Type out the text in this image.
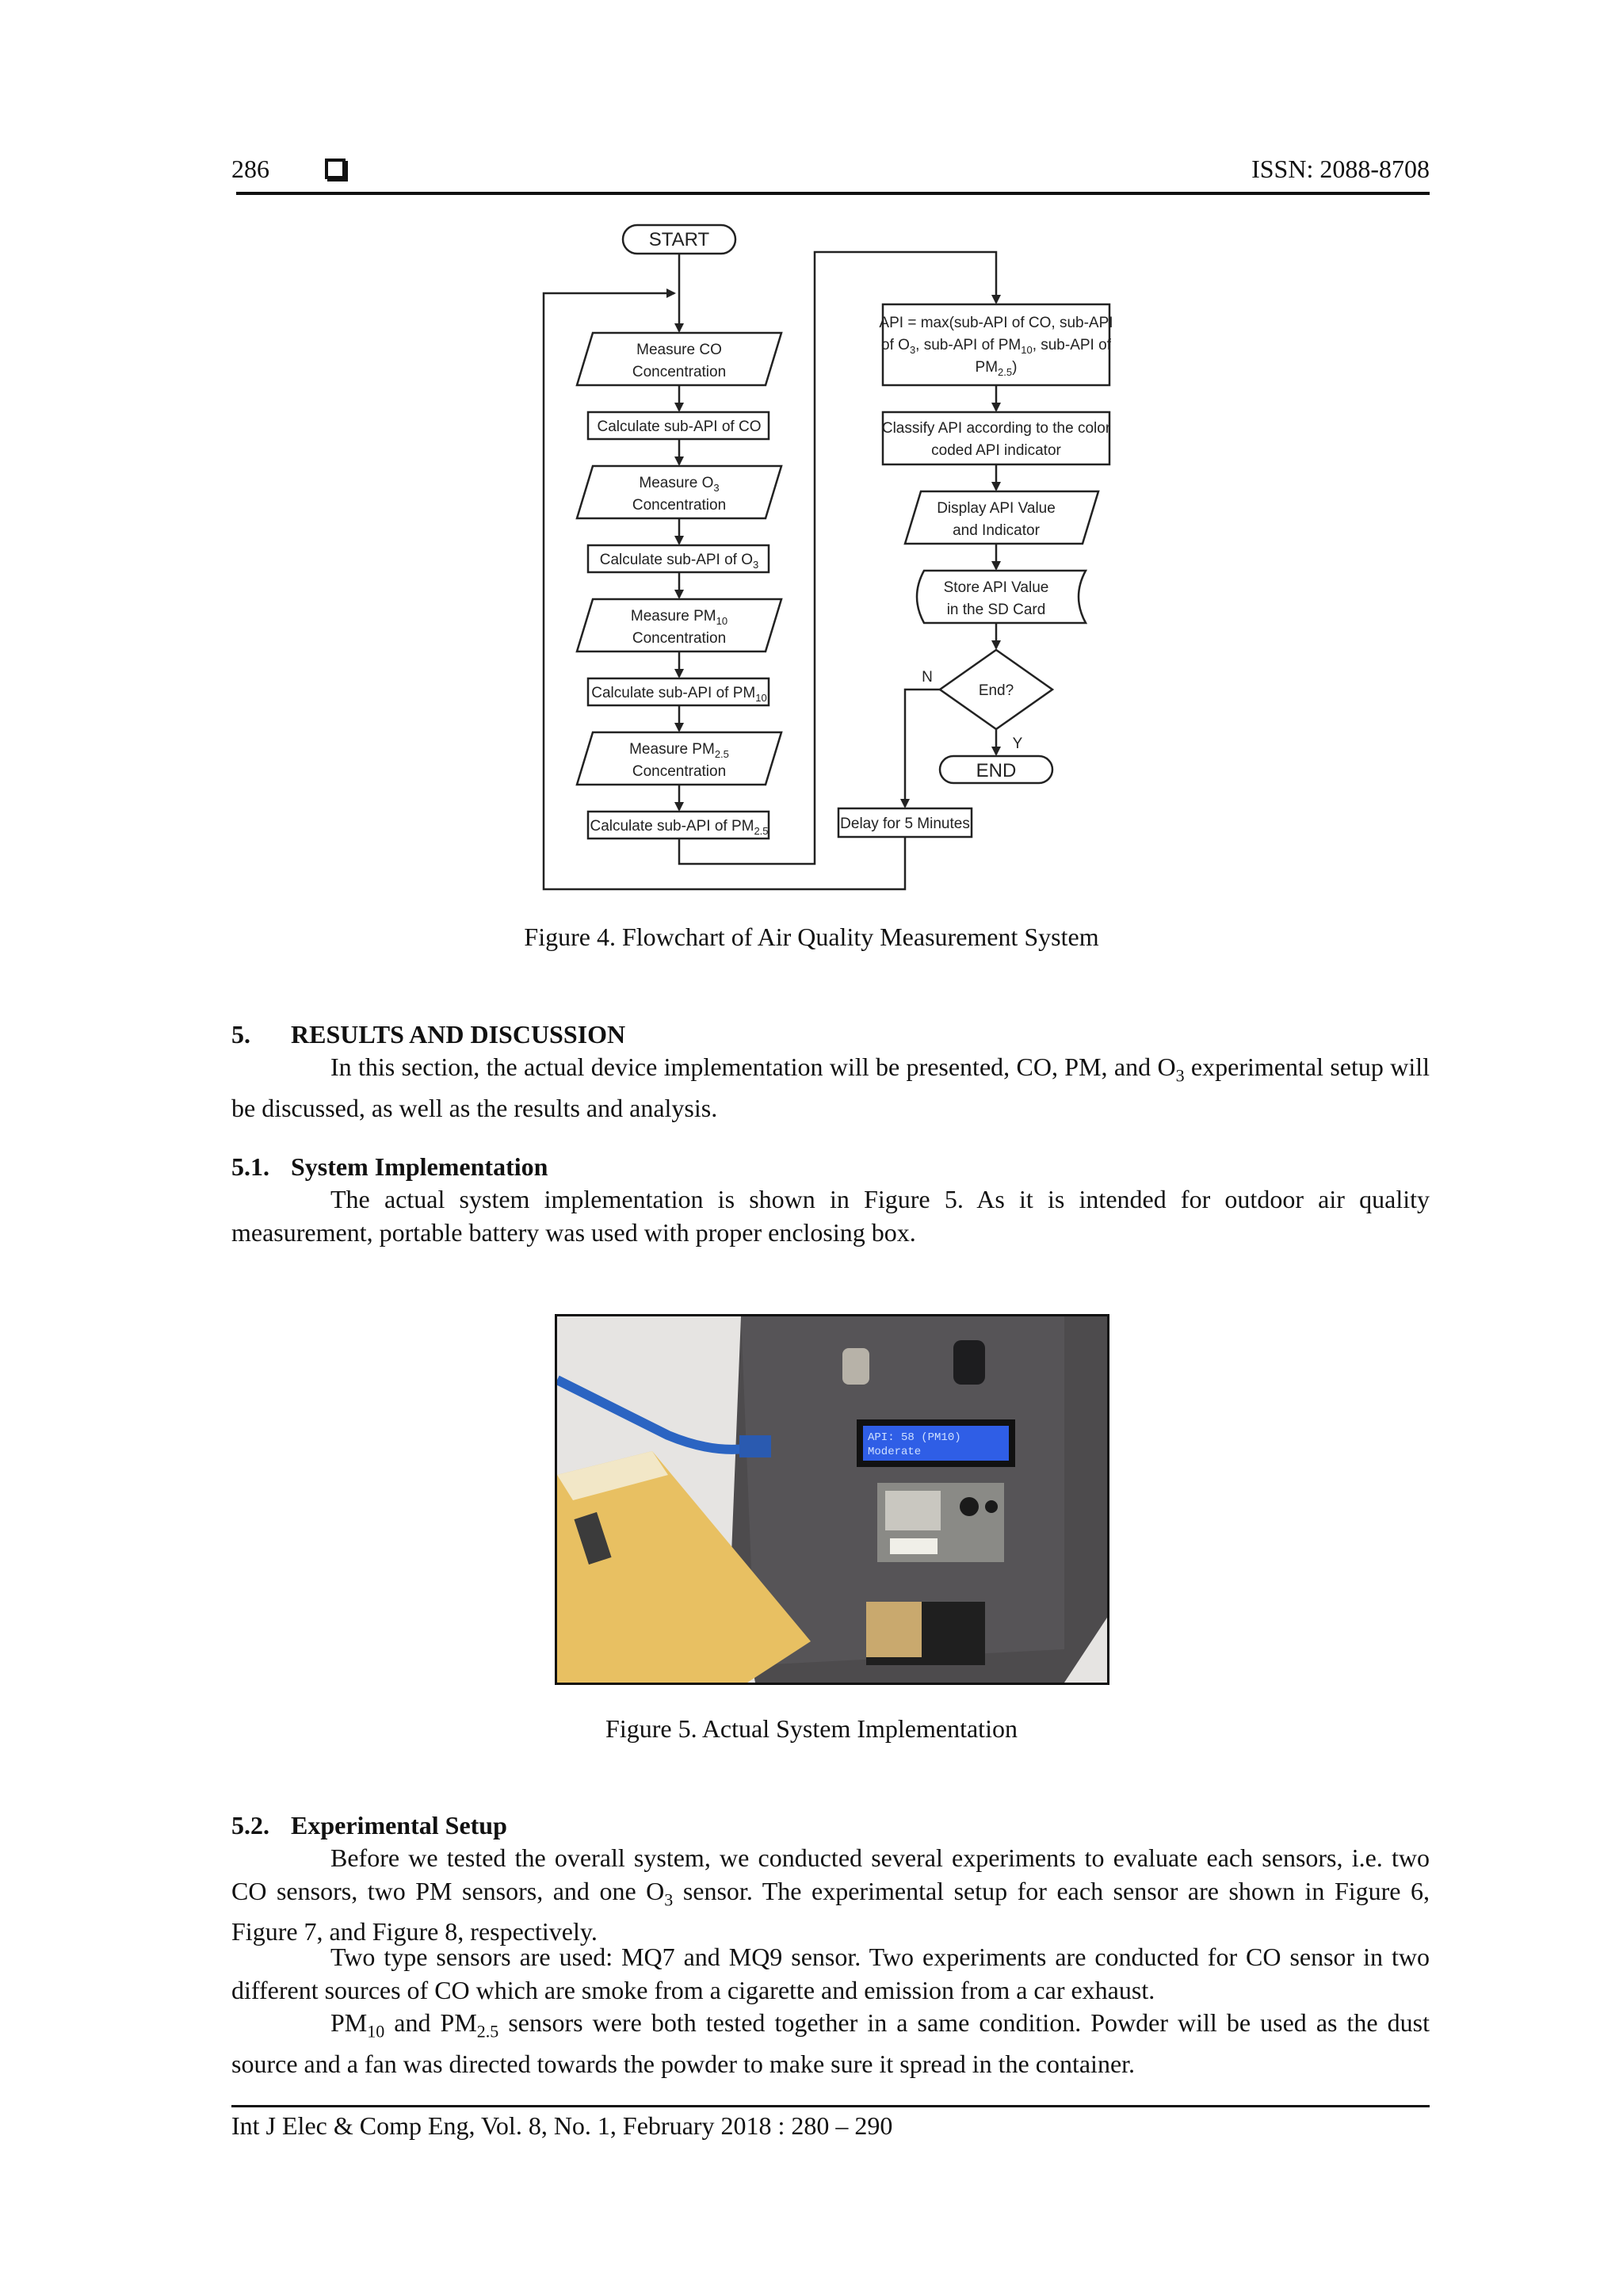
286	ISSN: 2088-8708
START
Measure CO
Concentration
Calculate sub-API of CO
Measure $O_3$
Concentration
Calculate sub-API of $O_3$
Measure $PM_{10}$
Concentration
Calculate sub-API of $PM_{10}$
Measure $PM_{2.5}$
Concentration
Calculate sub-API of $PM_{2.5}$
API = max(sub-API of CO, sub-API
of $O_3$, sub-API of $PM_{10}$, sub-API of
$PM_{2.5}$)
Classify API according to the color
coded API indicator
Display API Value
and Indicator
Store API Value
in the SD Card
End?
N
Y
END
Delay for 5 Minutes
Figure 4. Flowchart of Air Quality Measurement System
5. RESULTS AND DISCUSSION

In this section, the actual device implementation will be presented, CO, PM, and $O_3$ experimental setup will be discussed, as well as the results and analysis.

5.1. System Implementation

The actual system implementation is shown in Figure 5. As it is intended for outdoor air quality measurement, portable battery was used with proper enclosing box.

API: 58 (PM10)
Moderate
Figure 5. Actual System Implementation
5.2. Experimental Setup

Before we tested the overall system, we conducted several experiments to evaluate each sensors, i.e. two CO sensors, two PM sensors, and one $O_3$ sensor. The experimental setup for each sensor are shown in Figure 6, Figure 7, and Figure 8, respectively.

Two type sensors are used: MQ7 and MQ9 sensor. Two experiments are conducted for CO sensor in two different sources of CO which are smoke from a cigarette and emission from a car exhaust.

$PM_{10}$ and $PM_{2.5}$ sensors were both tested together in a same condition. Powder will be used as the dust source and a fan was directed towards the powder to make sure it spread in the container.

Int J Elec & Comp Eng, Vol. 8, No. 1, February 2018 : 280 – 290
